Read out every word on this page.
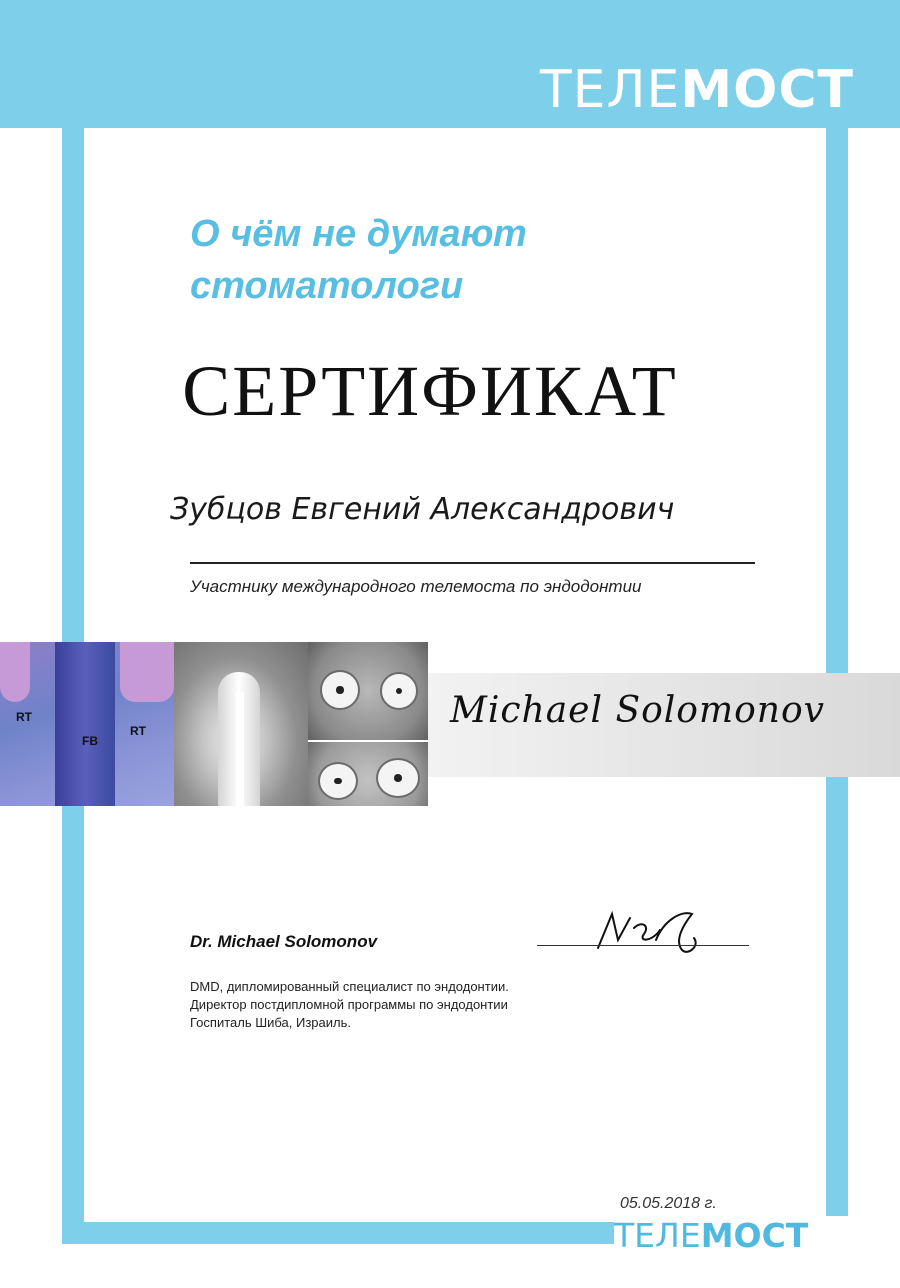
ТЕЛЕМОСТ
О чём не думают
стоматологи
СЕРТИФИКАТ
Зубцов Евгений Александрович
Участнику международного телемоста по эндодонтии
RT
FB
RT	Michael Solomonov
Dr. Michael Solomonov
DMD, дипломированный специалист по эндодонтии.
Директор постдипломной программы по эндодонтии
Госпиталь Шиба, Израиль.
05.05.2018 г.
ТЕЛЕМОСТ
